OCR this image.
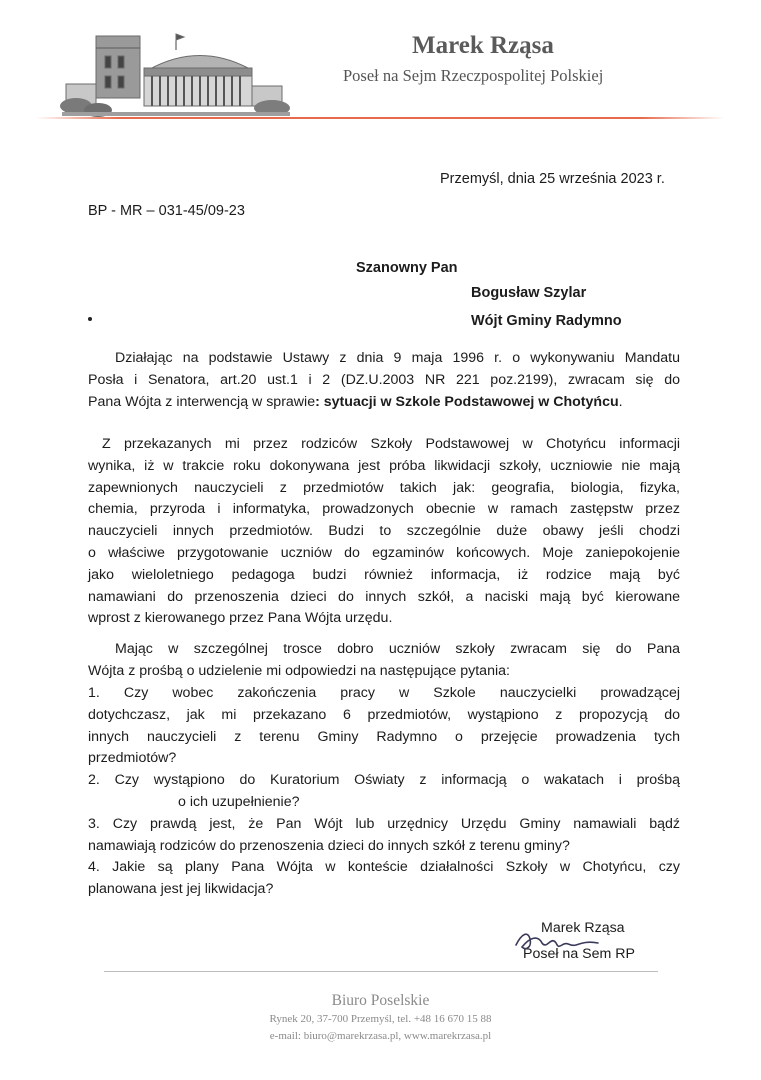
Marek Rząsa
Poseł na Sejm Rzeczpospolitej Polskiej
Przemyśl, dnia 25 września 2023 r.
BP - MR – 031-45/09-23
Szanowny Pan
Bogusław Szylar
Wójt Gminy Radymno
Działając na podstawie Ustawy z dnia 9 maja 1996 r. o wykonywaniu Mandatu
Posła i Senatora, art.20 ust.1 i 2 (DZ.U.2003 NR 221 poz.2199), zwracam się do
Pana Wójta z interwencją w sprawie: sytuacji w Szkole Podstawowej w Chotyńcu.
Z przekazanych mi przez rodziców Szkoły Podstawowej w Chotyńcu informacji
wynika, iż w trakcie roku dokonywana jest próba likwidacji szkoły, uczniowie nie mają
zapewnionych nauczycieli z przedmiotów takich jak: geografia, biologia, fizyka,
chemia, przyroda i informatyka, prowadzonych obecnie w ramach zastępstw przez
nauczycieli innych przedmiotów. Budzi to szczególnie duże obawy jeśli chodzi
o właściwe przygotowanie uczniów do egzaminów końcowych. Moje zaniepokojenie
jako wieloletniego pedagoga budzi również informacja, iż rodzice mają być
namawiani do przenoszenia dzieci do innych szkół, a naciski mają być kierowane
wprost z kierowanego przez Pana Wójta urzędu.
Mając w szczególnej trosce dobro uczniów szkoły zwracam się do Pana
Wójta z prośbą o udzielenie mi odpowiedzi na następujące pytania:
1. Czy wobec zakończenia pracy w Szkole nauczycielki prowadzącej
dotychczasz, jak mi przekazano 6 przedmiotów, wystąpiono z propozycją do
innych nauczycieli z terenu Gminy Radymno o przejęcie prowadzenia tych
przedmiotów?
2. Czy wystąpiono do Kuratorium Oświaty z informacją o wakatach i prośbą
o ich uzupełnienie?
3. Czy prawdą jest, że Pan Wójt lub urzędnicy Urzędu Gminy namawiali bądź
namawiają rodziców do przenoszenia dzieci do innych szkół z terenu gminy?
4. Jakie są plany Pana Wójta w konteście działalności Szkoły w Chotyńcu, czy
planowana jest jej likwidacja?
Marek Rząsa
Poseł na Sem RP
Biuro Poselskie
Rynek 20, 37-700 Przemyśl, tel. +48 16 670 15 88
e-mail: biuro@marekrzasa.pl, www.marekrzasa.pl
